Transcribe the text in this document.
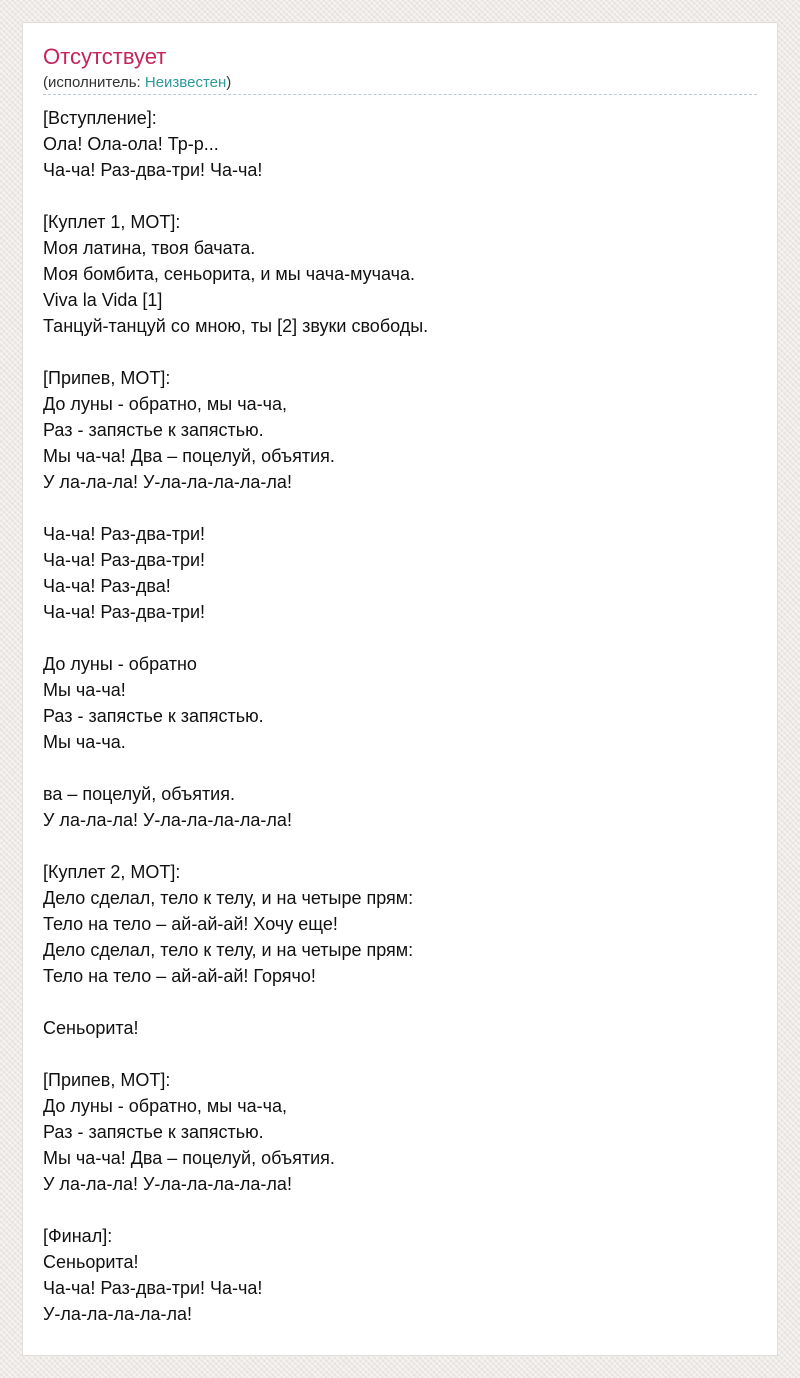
Отсутствует
(исполнитель: Неизвестен)
[Вступление]:
Ола! Ола-ола! Тр-р...
Ча-ча! Раз-два-три! Ча-ча!

[Куплет 1, МОТ]:
Моя латина, твоя бачата.
Моя бомбита, сеньорита, и мы чача-мучача.
Viva la Vida [1]
Танцуй-танцуй со мною, ты [2] звуки свободы.

[Припев, МОТ]:
До луны - обратно, мы ча-ча,
Раз - запястье к запястью.
Мы ча-ча! Два – поцелуй, объятия.
У ла-ла-ла! У-ла-ла-ла-ла-ла!

Ча-ча! Раз-два-три!
Ча-ча! Раз-два-три!
Ча-ча! Раз-два!
Ча-ча! Раз-два-три!

До луны - обратно
Мы ча-ча!
Раз - запястье к запястью.
Мы ча-ча.

ва – поцелуй, объятия.
У ла-ла-ла! У-ла-ла-ла-ла-ла!

[Куплет 2, МОТ]:
Дело сделал, тело к телу, и на четыре прям:
Тело на тело – ай-ай-ай! Хочу еще!
Дело сделал, тело к телу, и на четыре прям:
Тело на тело – ай-ай-ай! Горячо!

Сеньорита!

[Припев, МОТ]:
До луны - обратно, мы ча-ча,
Раз - запястье к запястью.
Мы ча-ча! Два – поцелуй, объятия.
У ла-ла-ла! У-ла-ла-ла-ла-ла!

[Финал]:
Сеньорита!
Ча-ча! Раз-два-три! Ча-ча!
У-ла-ла-ла-ла-ла!
